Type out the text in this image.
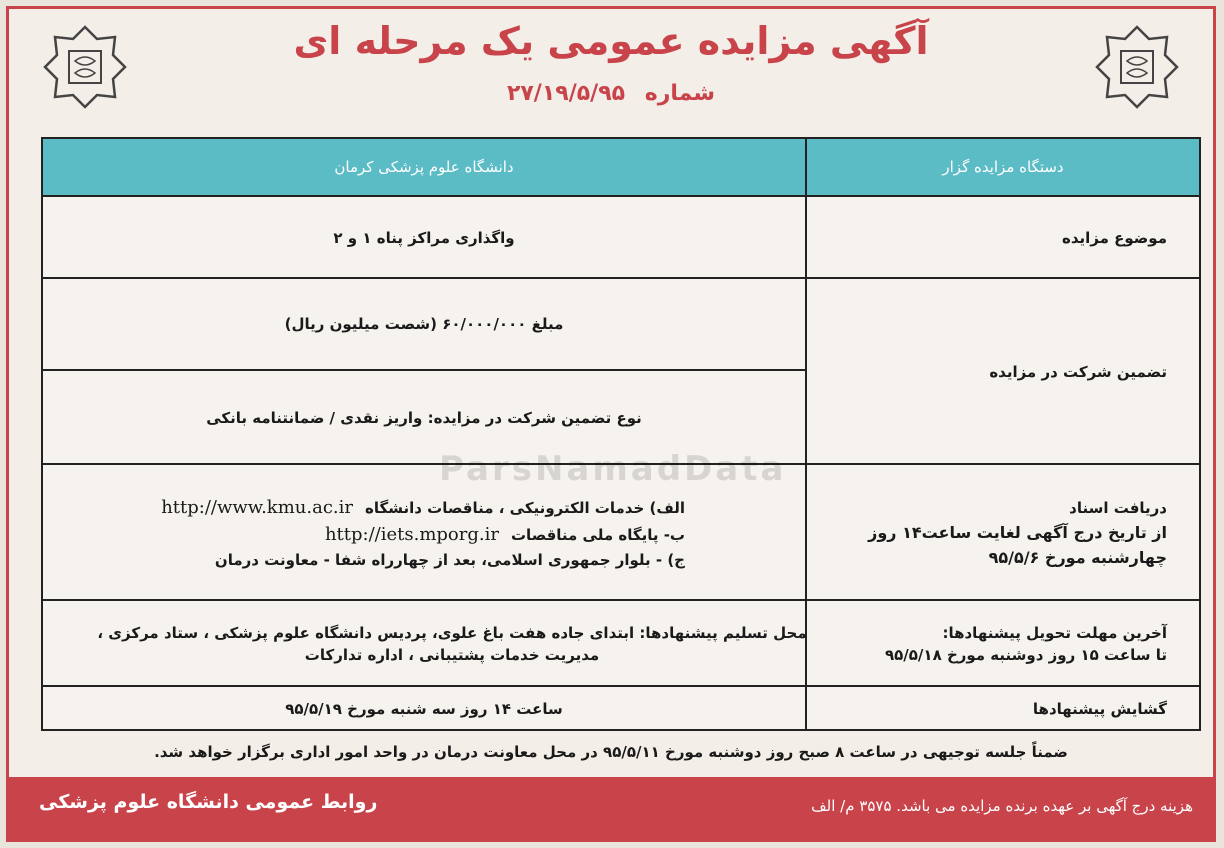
آگهی مزایده عمومی یک مرحله ای
شماره ۲۷/۱۹/۵/۹۵
دستگاه مزایده گزار
دانشگاه علوم پزشکی کرمان
موضوع مزایده
واگذاری مراکز پناه ۱ و ۲
تضمین شرکت در مزایده
مبلغ ۶۰/۰۰۰/۰۰۰ (شصت میلیون ریال)
نوع تضمین شرکت در مزایده: واریز نقدی / ضمانتنامه بانکی
دریافت اسناد
از تاریخ درج آگهی لغایت ساعت۱۴ روز
چهارشنبه مورخ ۹۵/۵/۶
الف) خدمات الکترونیکی ، مناقصات دانشگاه
http://www.kmu.ac.ir
ب- پایگاه ملی مناقصات
http://iets.mporg.ir
ج) - بلوار جمهوری اسلامی، بعد از چهارراه شفا - معاونت درمان
آخرین مهلت تحویل پیشنهادها:
تا ساعت ۱۵ روز دوشنبه مورخ ۹۵/۵/۱۸
محل تسلیم پیشنهادها: ابتدای جاده هفت باغ علوی، پردیس دانشگاه علوم پزشکی ، ستاد مرکزی ، مدیریت خدمات پشتیبانی ، اداره تدارکات
گشایش پیشنهادها
ساعت ۱۴ روز سه شنبه مورخ ۹۵/۵/۱۹
ParsNamadData
ضمناً جلسه توجیهی در ساعت ۸ صبح روز دوشنبه مورخ ۹۵/۵/۱۱ در محل معاونت درمان در واحد امور اداری برگزار خواهد شد.
هزینه درج آگهی بر عهده برنده مزایده می باشد. ۳۵۷۵ م/ الف
روابط عمومی دانشگاه علوم پزشکی
